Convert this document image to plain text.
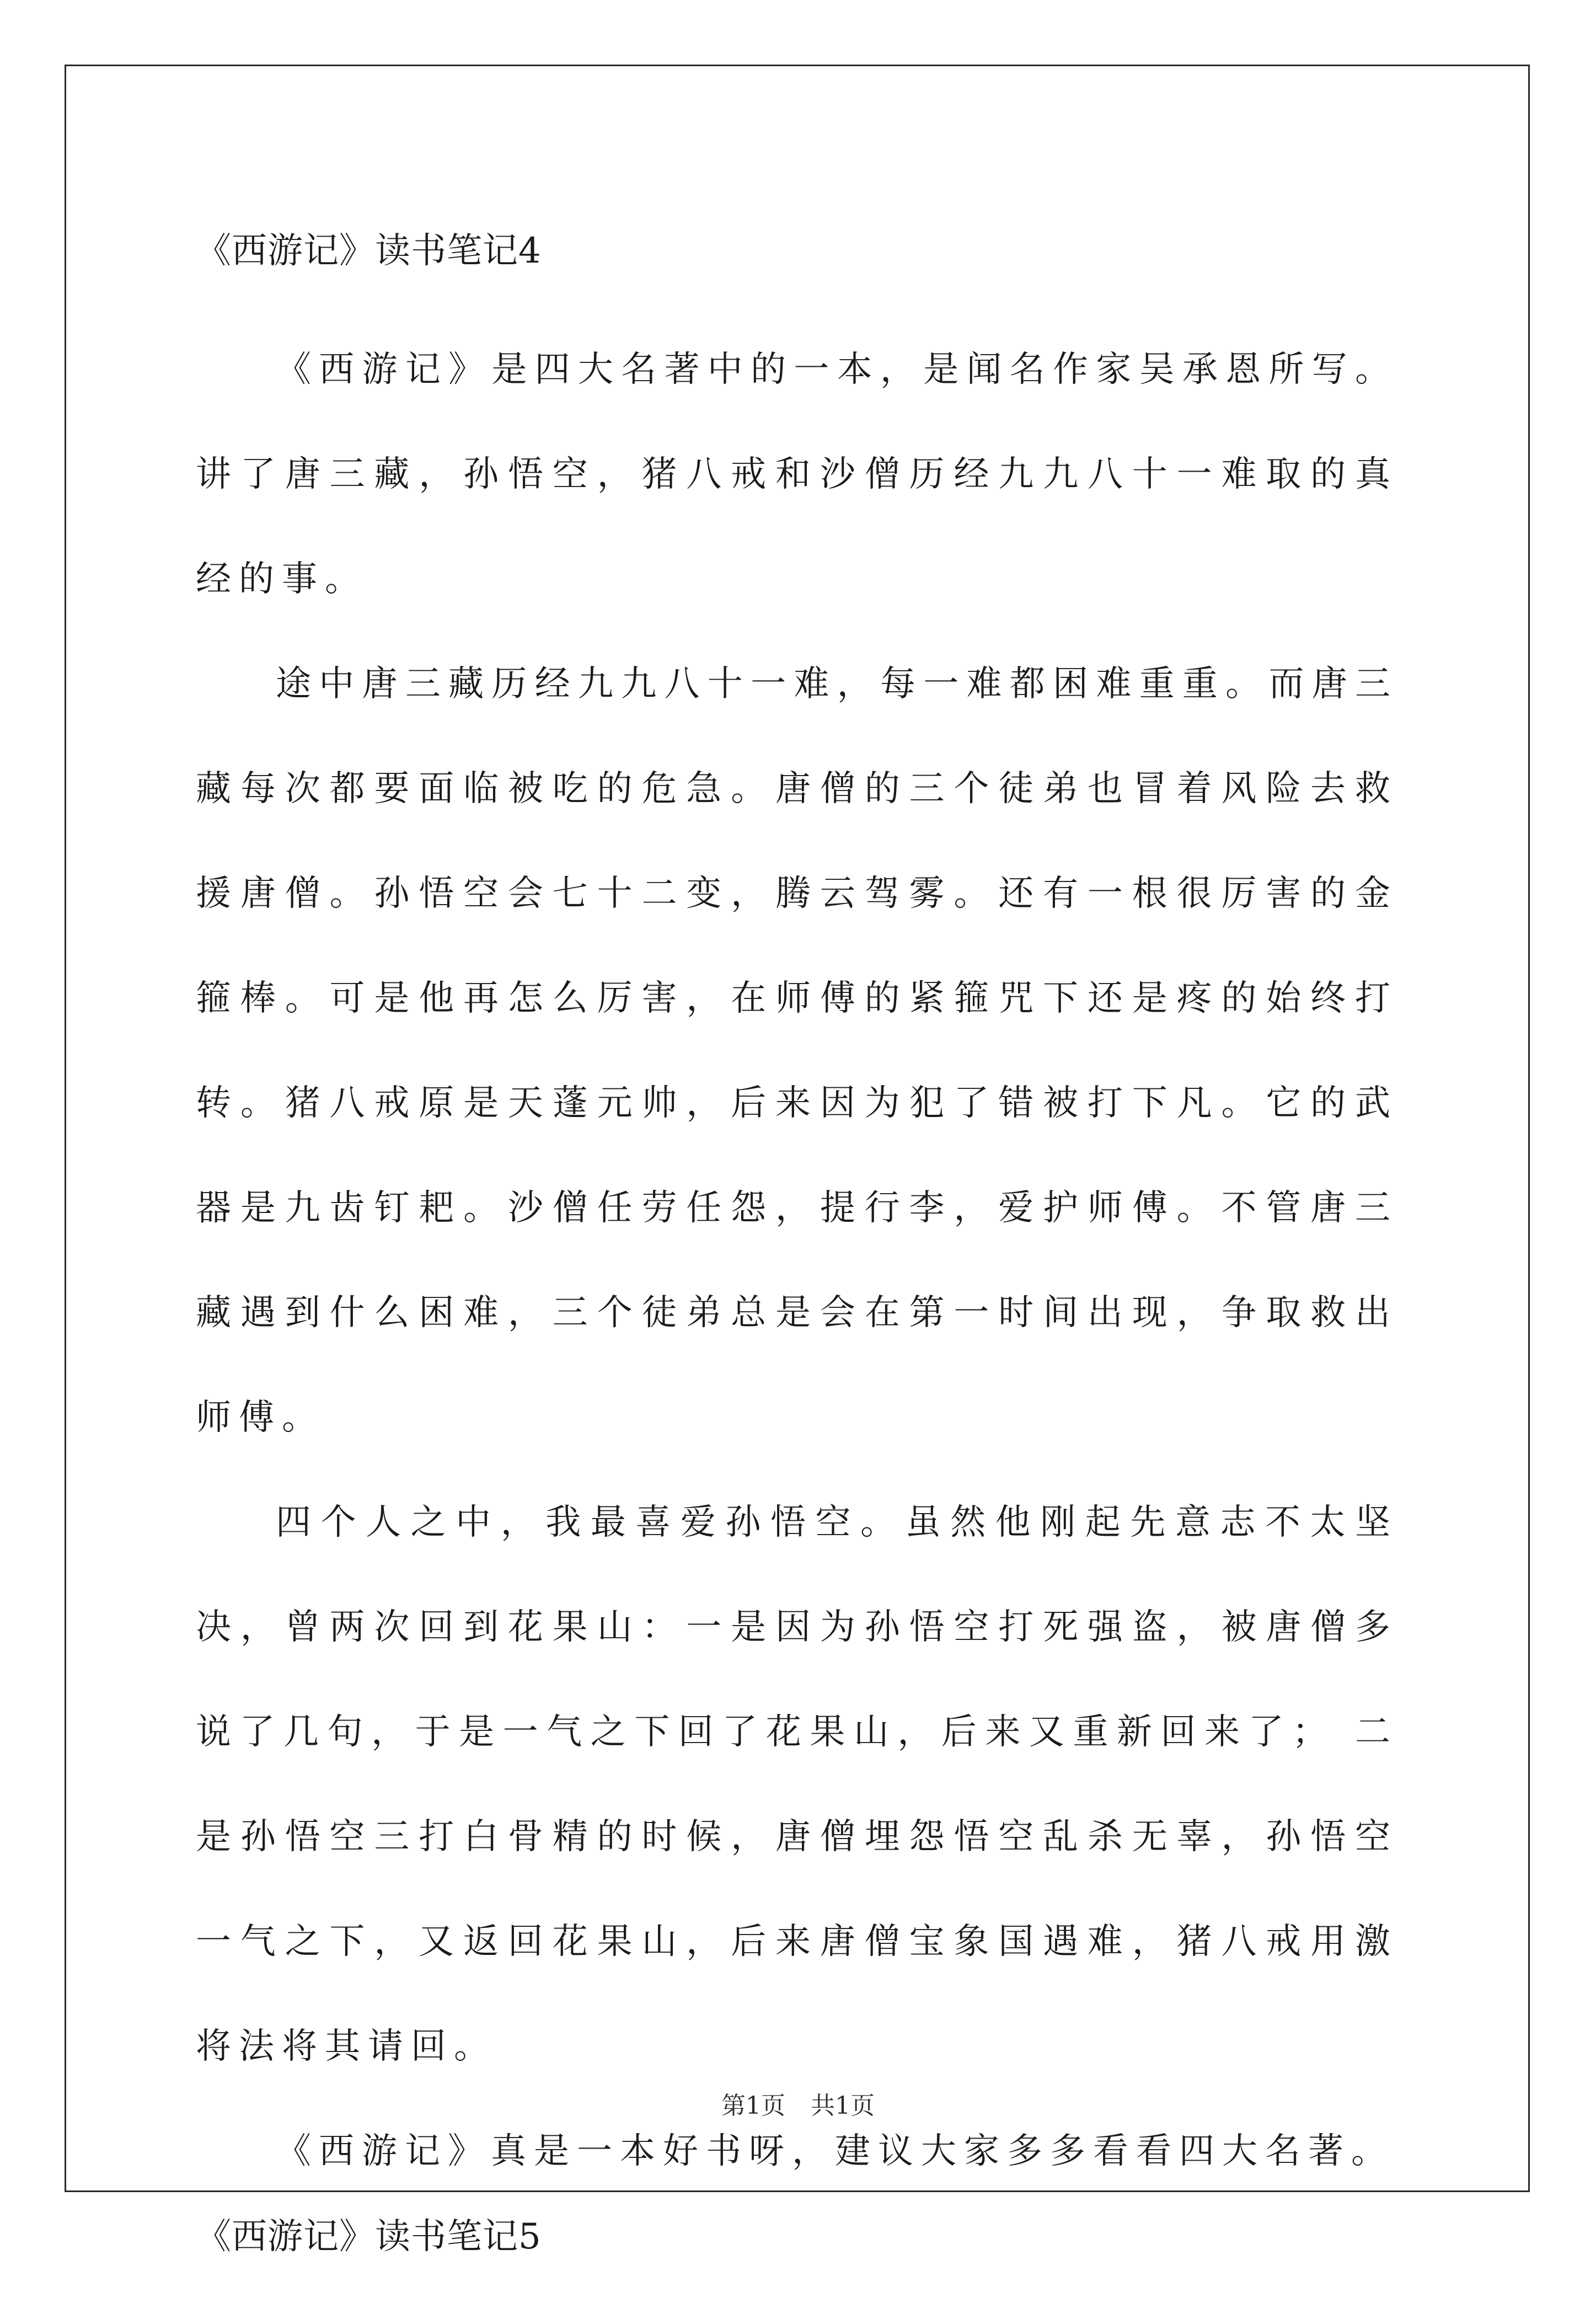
《西游记》读书笔记4

《西游记》是四大名著中的一本，是闻名作家吴承恩所写。讲了唐三藏，孙悟空，猪八戒和沙僧历经九九八十一难取的真经的事。

途中唐三藏历经九九八十一难，每一难都困难重重。而唐三藏每次都要面临被吃的危急。唐僧的三个徒弟也冒着风险去救援唐僧。孙悟空会七十二变，腾云驾雾。还有一根很厉害的金箍棒。可是他再怎么厉害，在师傅的紧箍咒下还是疼的始终打转。猪八戒原是天蓬元帅，后来因为犯了错被打下凡。它的武器是九齿钉耙。沙僧任劳任怨，提行李，爱护师傅。不管唐三藏遇到什么困难，三个徒弟总是会在第一时间出现，争取救出师傅。

四个人之中，我最喜爱孙悟空。虽然他刚起先意志不太坚决，曾两次回到花果山：一是因为孙悟空打死强盗，被唐僧多说了几句，于是一气之下回了花果山，后来又重新回来了； 二是孙悟空三打白骨精的时候，唐僧埋怨悟空乱杀无辜，孙悟空一气之下，又返回花果山，后来唐僧宝象国遇难，猪八戒用激将法将其请回。

《西游记》真是一本好书呀，建议大家多多看看四大名著。

《西游记》读书笔记5
第1页 共1页
